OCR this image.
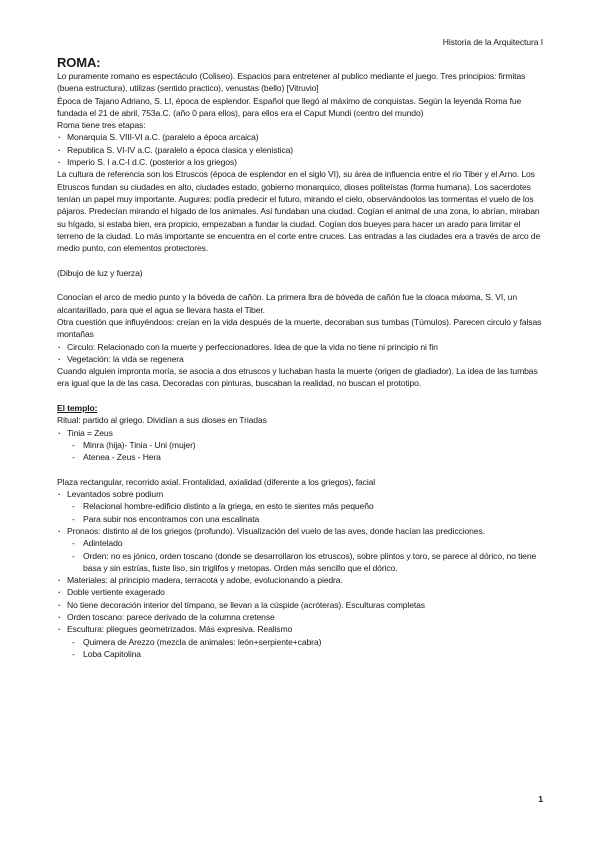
Historia de la Arquitectura I
ROMA:
Lo puramente romano es espectáculo (Coliseo). Espacios para entretener al publico mediante el juego. Tres principios: firmitas (buena estructura), utilizas (sentido practico), venustas (bello) [Vitruvio]
Época de Tajano Adriano, S. LI, época de esplendor. Español que llegó al máximo de conquistas. Según la leyenda Roma fue fundada el 21 de abril, 753a.C. (año 0 para ellos), para ellos era el Caput Mundi (centro del mundo)
Roma tiene tres etapas:
· Monarquía S. VIII-VI a.C. (paralelo a época arcaica)
· Republica S. VI-IV a.C. (paralelo a época clasica y elenistica)
· Imperio S. I a.C-I d.C. (posterior a los griegos)
La cultura de referencia son los Etruscos (época de esplendor en el siglo VI), su área de influencia entre el rio Tiber y el Arno. Los Etruscos fundan su ciudades en alto, ciudades estado, gobierno monarquico, dioses politeístas (forma humana). Los sacerdotes tenían un papel muy importante. Augures: podía predecir el futuro, mirando el cielo, observándoolos las tormentas el vuelo de los pájaros. Predecían mirando el hígado de los animales. Así fundaban una ciudad. Cogían el animal de una zona, lo abrían, miraban su hígado, si estaba bien, era propicio, empezaban a fundar la ciudad. Cogían dos bueyes para hacer un arado para limitar el terreno de la ciudad. Lo más importante se encuentra en el corte entre cruces. Las entradas a las ciudades era a través de arco de medio punto, con elementos protectores.
(Dibujo de luz y fuerza)
Conocían el arco de medio punto y la bóveda de cañón. La primera lbra de bóveda de cañón fue la cloaca máxima, S. VI, un alcantarillado, para que el agua se llevara hasta el Tiber.
Otra cuestión que influyéndoos: creían en la vida después de la muerte, decoraban sus tumbas (Túmulos). Parecen circulo y falsas montañas
· Circulo: Relacionado con la muerte y perfeccionadores. Idea de que la vida no tiene ni principio ni fin
· Vegetación: la vida se regenera
Cuando alguien impronta moría, se asocia a dos etruscos y luchaban hasta la muerte (origen de gladiador). La idea de las tumbas era igual que la de las casa. Decoradas con pinturas, buscaban la realidad, no buscan el prototipo.
El templo:
Ritual: partido al griego. Dividían a sus dioses en Triadas
· Tinia = Zeus
- Minra (hija)- Tinia - Uni (mujer)
- Atenea - Zeus - Hera
Plaza rectangular, recorrido axial. Frontalidad, axialidad (diferente a los griegos), facial
· Levantados sobre podium
- Relacional hombre-edificio distinto a la griega, en esto te sientes más pequeño
- Para subir nos encontramos con una escalinata
· Pronaos: distinto al de los griegos (profundo). Visualización del vuelo de las aves, donde hacían las predicciones.
- Adintelado
- Orden: no es jónico, orden toscano (donde se desarrollaron los etruscos), sobre plintos y toro, se parece al dórico, no tiene basa y sin estrías, fuste liso, sin triglifos y metopas. Orden más sencillo que el dórico.
· Materiales: al principio madera, terracota y adobe, evolucionando a piedra.
· Doble vertiente exagerado
· No tiene decoración interior del tímpano, se llevan a la cúspide (acróteras). Esculturas completas
· Orden toscano: parece derivado de la columna cretense
· Escultura: pliegues geometrizados. Más expresiva. Realismo
- Quimera de Arezzo (mezcla de animales: león+serpiente+cabra)
- Loba Capitolina
1
